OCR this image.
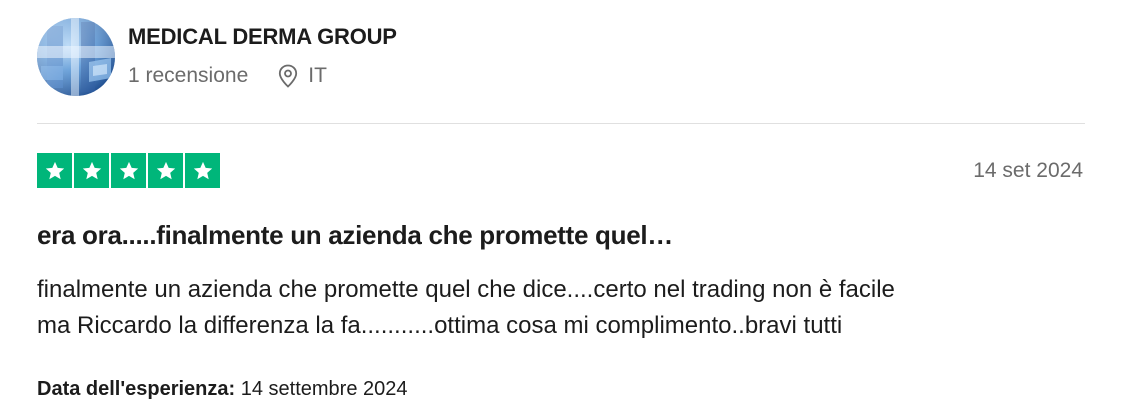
MEDICAL DERMA GROUP
1 recensione	IT
14 set 2024
era ora.....finalmente un azienda che promette quel…
finalmente un azienda che promette quel che dice....certo nel trading non è facile
ma Riccardo la differenza la fa...........ottima cosa mi complimento..bravi tutti
Data dell'esperienza: 14 settembre 2024
